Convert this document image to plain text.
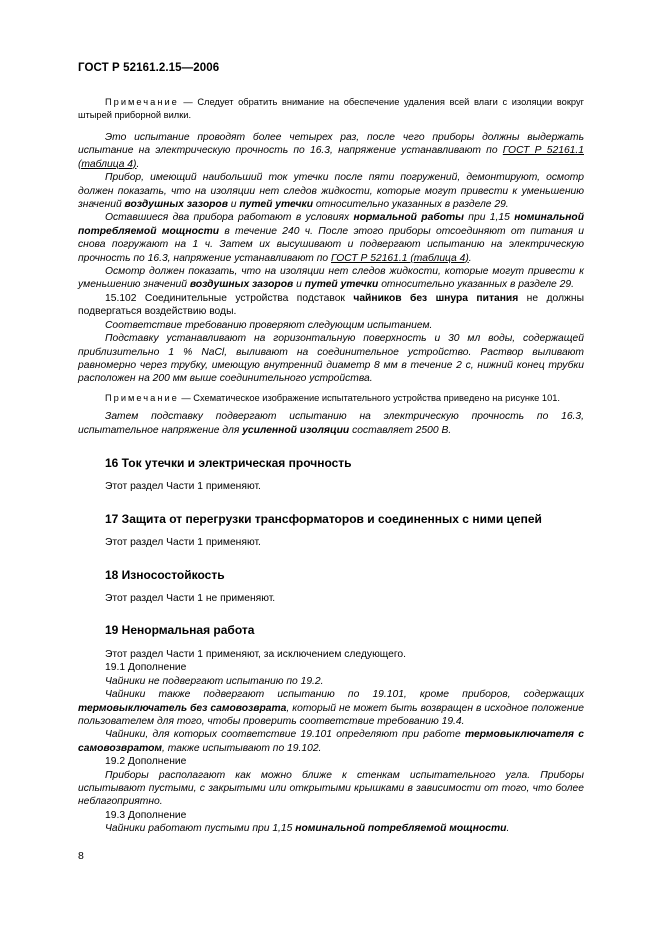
ГОСТ Р 52161.2.15—2006

Примечание — Следует обратить внимание на обеспечение удаления всей влаги с изоляции вокруг штырей приборной вилки.

Это испытание проводят более четырех раз, после чего приборы должны выдержать испытание на электрическую прочность по 16.3, напряжение устанавливают по ГОСТ Р 52161.1 (таблица 4).

Прибор, имеющий наибольший ток утечки после пяти погружений, демонтируют, осмотр должен показать, что на изоляции нет следов жидкости, которые могут привести к уменьшению значений воздушных зазоров и путей утечки относительно указанных в разделе 29.

Оставшиеся два прибора работают в условиях нормальной работы при 1,15 номинальной потребляемой мощности в течение 240 ч. После этого приборы отсоединяют от питания и снова погружают на 1 ч. Затем их высушивают и подвергают испытанию на электрическую прочность по 16.3, напряжение устанавливают по ГОСТ Р 52161.1 (таблица 4).

Осмотр должен показать, что на изоляции нет следов жидкости, которые могут привести к уменьшению значений воздушных зазоров и путей утечки относительно указанных в разделе 29.

15.102 Соединительные устройства подставок чайников без шнура питания не должны подвергаться воздействию воды.

Соответствие требованию проверяют следующим испытанием.

Подставку устанавливают на горизонтальную поверхность и 30 мл воды, содержащей приблизительно 1 % NaCl, выливают на соединительное устройство. Раствор выливают равномерно через трубку, имеющую внутренний диаметр 8 мм в течение 2 с, нижний конец трубки расположен на 200 мм выше соединительного устройства.

Примечание — Схематическое изображение испытательного устройства приведено на рисунке 101.

Затем подставку подвергают испытанию на электрическую прочность по 16.3, испытательное напряжение для усиленной изоляции составляет 2500 В.

16 Ток утечки и электрическая прочность

Этот раздел Части 1 применяют.

17 Защита от перегрузки трансформаторов и соединенных с ними цепей

Этот раздел Части 1 применяют.

18 Износостойкость

Этот раздел Части 1 не применяют.

19 Ненормальная работа

Этот раздел Части 1 применяют, за исключением следующего.

19.1 Дополнение

Чайники не подвергают испытанию по 19.2.

Чайники также подвергают испытанию по 19.101, кроме приборов, содержащих термовыключатель без самовозврата, который не может быть возвращен в исходное положение пользователем для того, чтобы проверить соответствие требованию 19.4.

Чайники, для которых соответствие 19.101 определяют при работе термовыключателя с самовозвратом, также испытывают по 19.102.

19.2 Дополнение

Приборы располагают как можно ближе к стенкам испытательного угла. Приборы испытывают пустыми, с закрытыми или открытыми крышками в зависимости от того, что более неблагоприятно.

19.3 Дополнение

Чайники работают пустыми при 1,15 номинальной потребляемой мощности.

8
